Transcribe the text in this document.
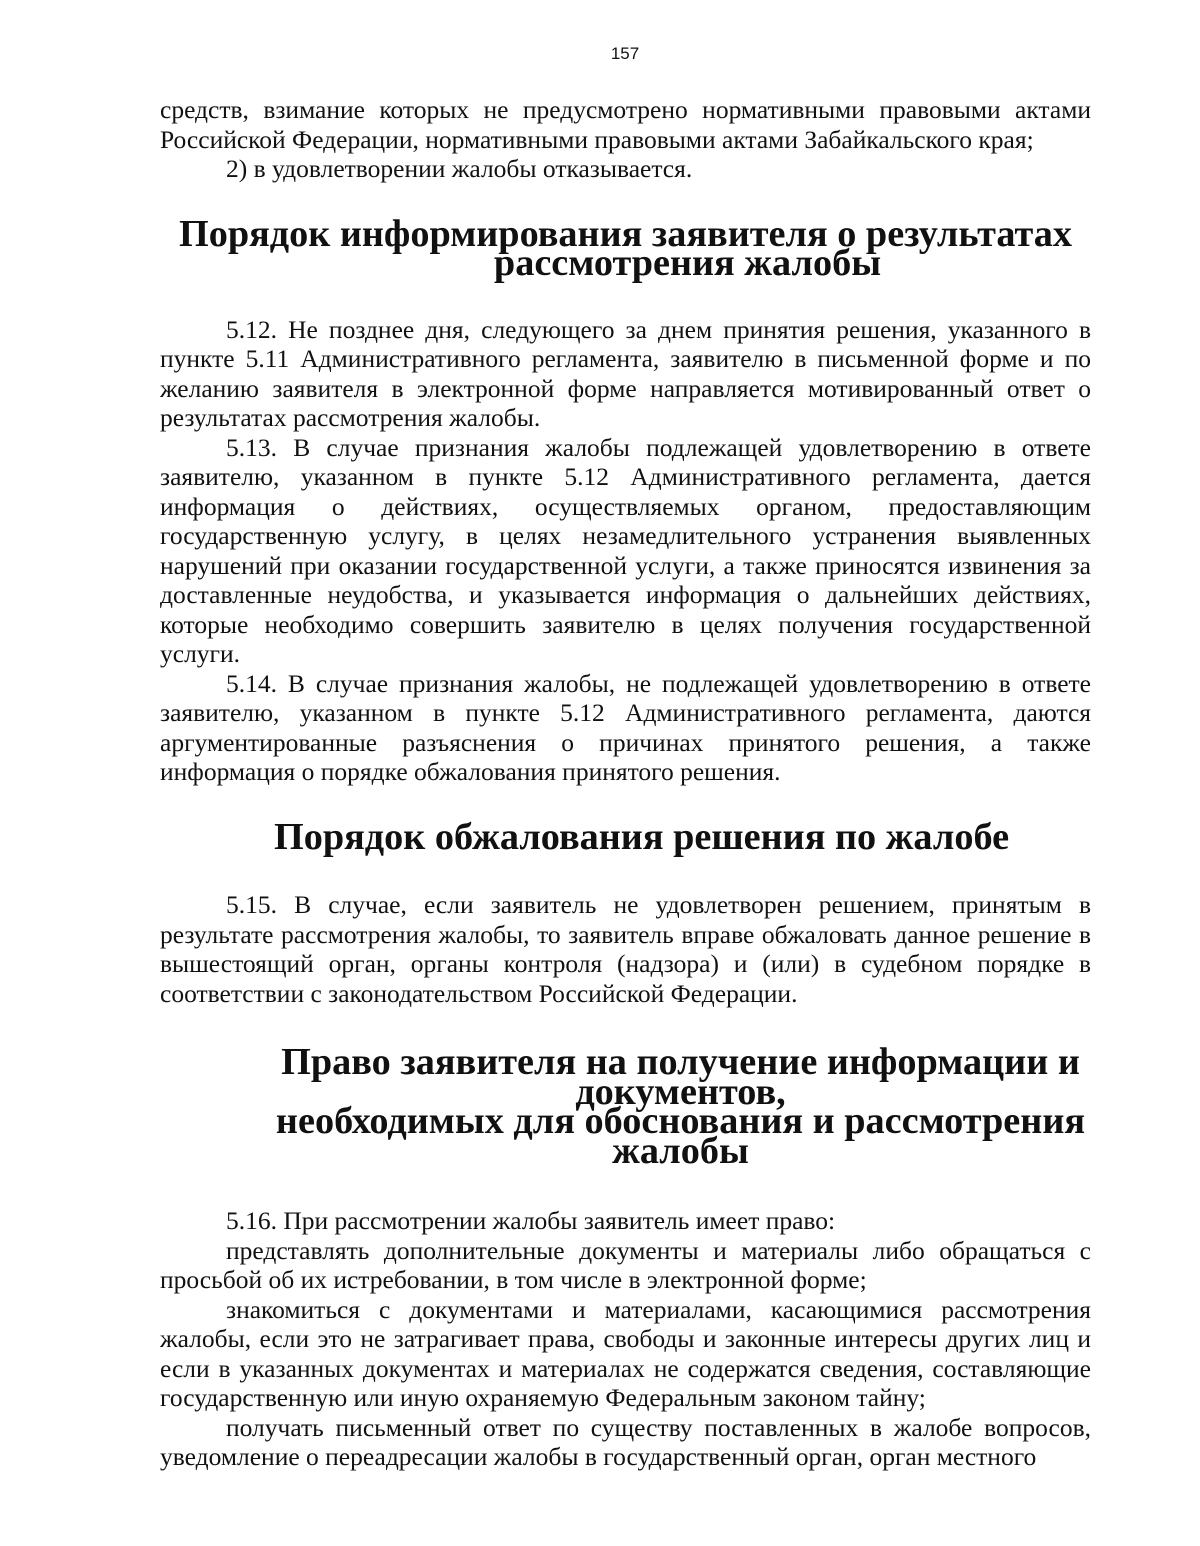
157

средств, взимание которых не предусмотрено нормативными правовыми актами Российской Федерации, нормативными правовыми актами Забайкальского края;

2) в удовлетворении жалобы отказывается.

Порядок информирования заявителя о результатах
рассмотрения жалобы

5.12. Не позднее дня, следующего за днем принятия решения, указанного в пункте 5.11 Административного регламента, заявителю в письменной форме и по желанию заявителя в электронной форме направляется мотивированный ответ о результатах рассмотрения жалобы.

5.13. В случае признания жалобы подлежащей удовлетворению в ответе заявителю, указанном в пункте 5.12 Административного регламента, дается информация о действиях, осуществляемых органом, предоставляющим государственную услугу, в целях незамедлительного устранения выявленных нарушений при оказании государственной услуги, а также приносятся извинения за доставленные неудобства, и указывается информация о дальнейших действиях, которые необходимо совершить заявителю в целях получения государственной услуги.

5.14. В случае признания жалобы, не подлежащей удовлетворению в ответе заявителю, указанном в пункте 5.12 Административного регламента, даются аргументированные разъяснения о причинах принятого решения, а также информация о порядке обжалования принятого решения.

Порядок обжалования решения по жалобе

5.15. В случае, если заявитель не удовлетворен решением, принятым в результате рассмотрения жалобы, то заявитель вправе обжаловать данное решение в вышестоящий орган, органы контроля (надзора) и (или) в судебном порядке в соответствии с законодательством Российской Федерации.

Право заявителя на получение информации и документов,
необходимых для обоснования и рассмотрения жалобы

5.16. При рассмотрении жалобы заявитель имеет право:

представлять дополнительные документы и материалы либо обращаться с просьбой об их истребовании, в том числе в электронной форме;

знакомиться с документами и материалами, касающимися рассмотрения жалобы, если это не затрагивает права, свободы и законные интересы других лиц и если в указанных документах и материалах не содержатся сведения, составляющие государственную или иную охраняемую Федеральным законом тайну;

получать письменный ответ по существу поставленных в жалобе вопросов, уведомление о переадресации жалобы в государственный орган, орган местного
